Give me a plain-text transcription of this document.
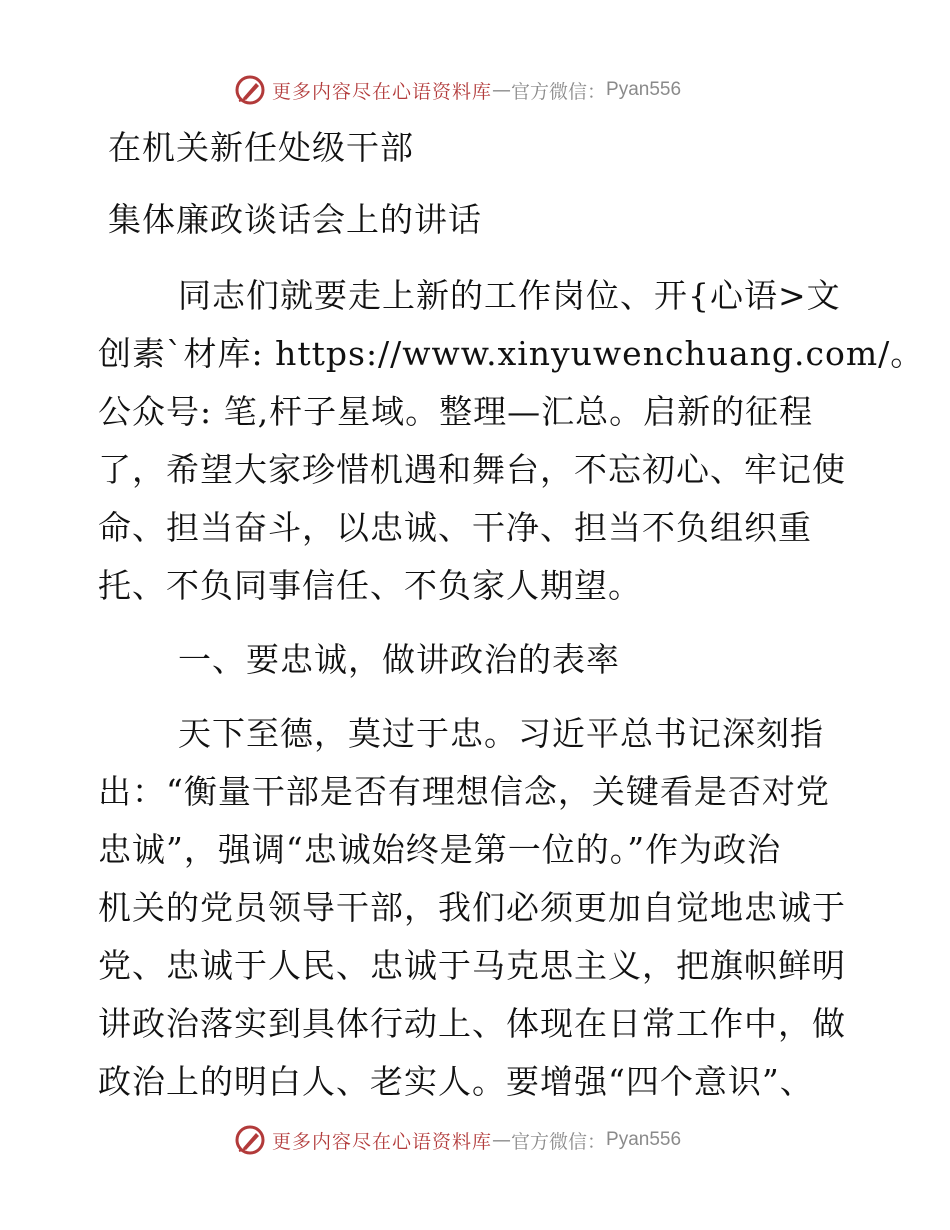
更多内容尽在心语资料库 — 官方微信： Pyan556
在机关新任处级干部
集体廉政谈话会上的讲话
同志们就要走上新的工作岗位、开{心语>文
创素`材库: https://www.xinyuwenchuang.com/。
公众号: 笔,杆子星域。整理—汇总。启新的征程
了，希望大家珍惜机遇和舞台，不忘初心、牢记使
命、担当奋斗，以忠诚、干净、担当不负组织重
托、不负同事信任、不负家人期望。
一、要忠诚，做讲政治的表率
天下至德，莫过于忠。习近平总书记深刻指
出：“衡量干部是否有理想信念，关键看是否对党
忠诚”，强调“忠诚始终是第一位的。”作为政治
机关的党员领导干部，我们必须更加自觉地忠诚于
党、忠诚于人民、忠诚于马克思主义，把旗帜鲜明
讲政治落实到具体行动上、体现在日常工作中，做
政治上的明白人、老实人。要增强“四个意识”、
更多内容尽在心语资料库 — 官方微信： Pyan556
